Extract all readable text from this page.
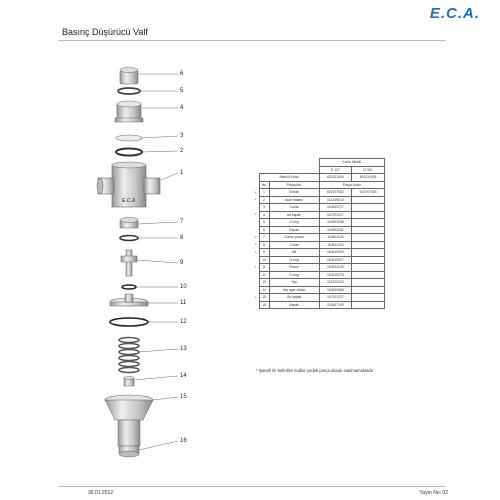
E.C.A.
Basınç Düşürücü Valf
E.C.A
6
5
4
3
2
1
7
8
9
10
11
12
13
14
15
16
			Konlu Nikelli	
			G 1/2"	G 3/4"
	Mamül Kodu		602111004	602111005
	No	Parça Adı	Parça Kodu	
*	1	Gövde	610707002	610707004
*	2	Ayar bakası	112249010	
	3	Conta	110603727	
*	4	Alt kapak	110701217	
	5	O-ring	110603286	
	6	Kapak	110603182	
*	7	Conta yuvası	110601134	
*	8	Conta	110611224	
*	9	Mil	110613300	
	10	O-ring	110610227	
*	11	Piston	110624249	
	12	O-ring	110615276	
	13	Yay	112223343	
	14	Yay ayar vidası	110622666	
*	15	Gri kapak	110701227	
	16	Kapak	110607193	
* İşaretli ile belirtilen kodlar yedek parça olarak satılmamaktadır
30.01.2012	Yayın No: 02
